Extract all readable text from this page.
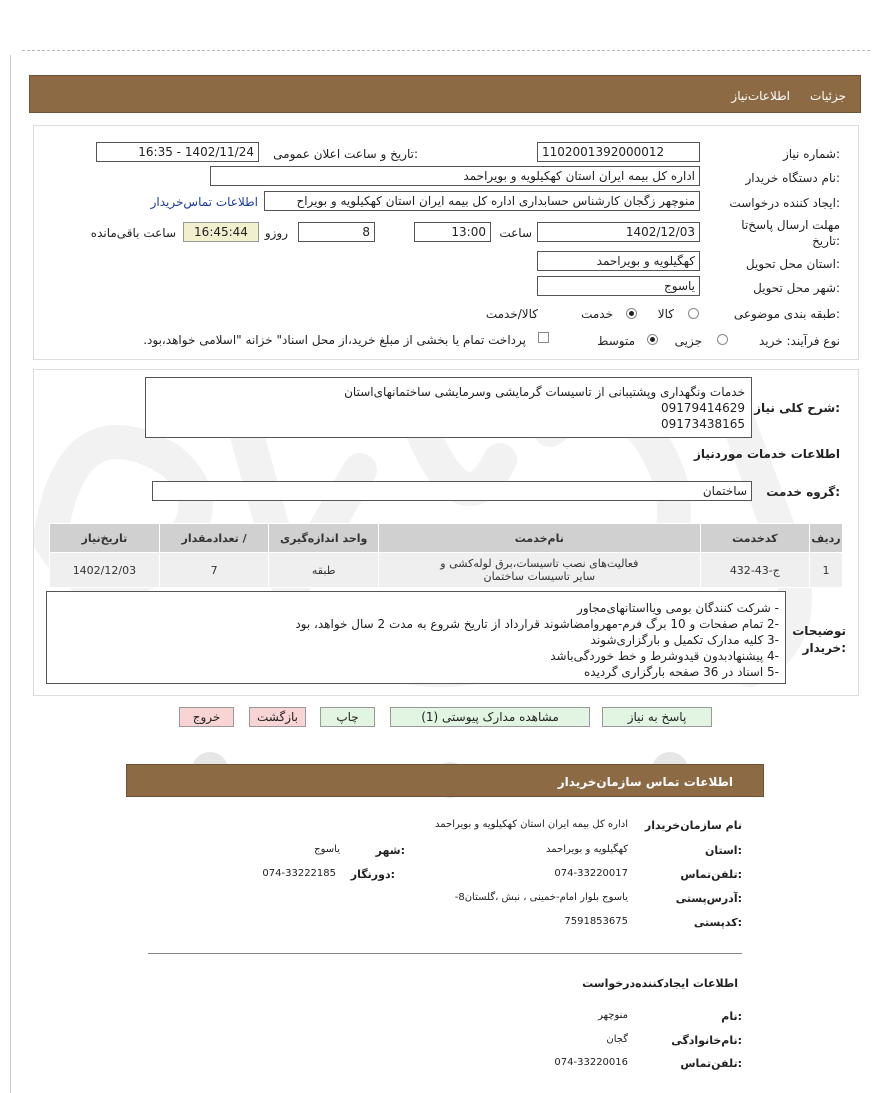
جزئیات
اطلاعات‌نیاز
شماره نیاز:
1102001392000012
تاریخ و ساعت اعلان عمومی:
1402/11/24 - 16:35
نام دستگاه خریدار:
اداره کل بیمه ایران استان کهکیلویه و بویراحمد
ایجاد کننده درخواست:
منوچهر زگجان کارشناس حسابداری اداره کل بیمه ایران استان کهکیلویه و بویراح
اطلاعات تماس‌خریدار
مهلت ارسال پاسخ‌تا
تاریخ:
1402/12/03
ساعت
13:00
8
روزو
16:45:44
ساعت باقی‌مانده
استان محل تحویل:
کهگیلویه و بویراحمد
شهر محل تحویل:
یاسوج
طبقه بندی موضوعی:
کالا
خدمت
کالا/خدمت
نوع فرآیند: خرید
جزیی
متوسط
پرداخت تمام یا بخشی از مبلغ خرید،از محل اسناد" خزانه "اسلامی خواهد،بود.
شرح کلی نیاز:
خدمات ونگهداری وپشتیبانی از تاسیسات گرمایشی وسرمایشی ساختمانهای‌استان
09179414629
09173438165
اطلاعات خدمات موردنیاز
گروه خدمت:
ساختمان
ردیف	کدخدمت	نام‌خدمت	واحد اندازه‌گیری	/ تعدادمقدار	تاریخ‌نیاز
1	ج-43-432	فعالیت‌های نصب تاسیسات،برق لوله‌کشی و
سایر تاسیسات ساختمان	طبقه	7	1402/12/03
توضیحات
خریدار:
- شرکت کنندگان بومی ویااستانهای‌مجاور
-2 تمام صفحات و 10 برگ فرم-مهروامضاشوند قرارداد از تاریخ شروع به مدت 2 سال خواهد، بود
-3 کلیه مدارک تکمیل و بارگزاری‌شوند
-4 پیشنهادبدون قیدوشرط و خط خوردگی‌باشد
-5 اسناد در 36 صفحه بارگزاری گردیده
پاسخ به نیاز
مشاهده مدارک پیوستی (1)
چاپ
بازگشت
خروج
اطلاعات تماس سازمان‌خریدار
نام سازمان‌خریدار
اداره کل بیمه ایران استان کهکیلویه و بویراحمد
استان:
کهگیلویه و بویراحمد
شهر:
یاسوج
تلفن‌تماس:
074-33220017
دورنگار:
074-33222185
آدرس‌پستی:
-یاسوج بلوار امام-خمینی ، نبش ،گلستان8
کد‌پستی:
7591853675
اطلاعات ایجاد‌کننده‌درخواست
نام:
منوچهر
نام‌خانوادگی:
گجان
تلفن‌تماس:
074-33220016
